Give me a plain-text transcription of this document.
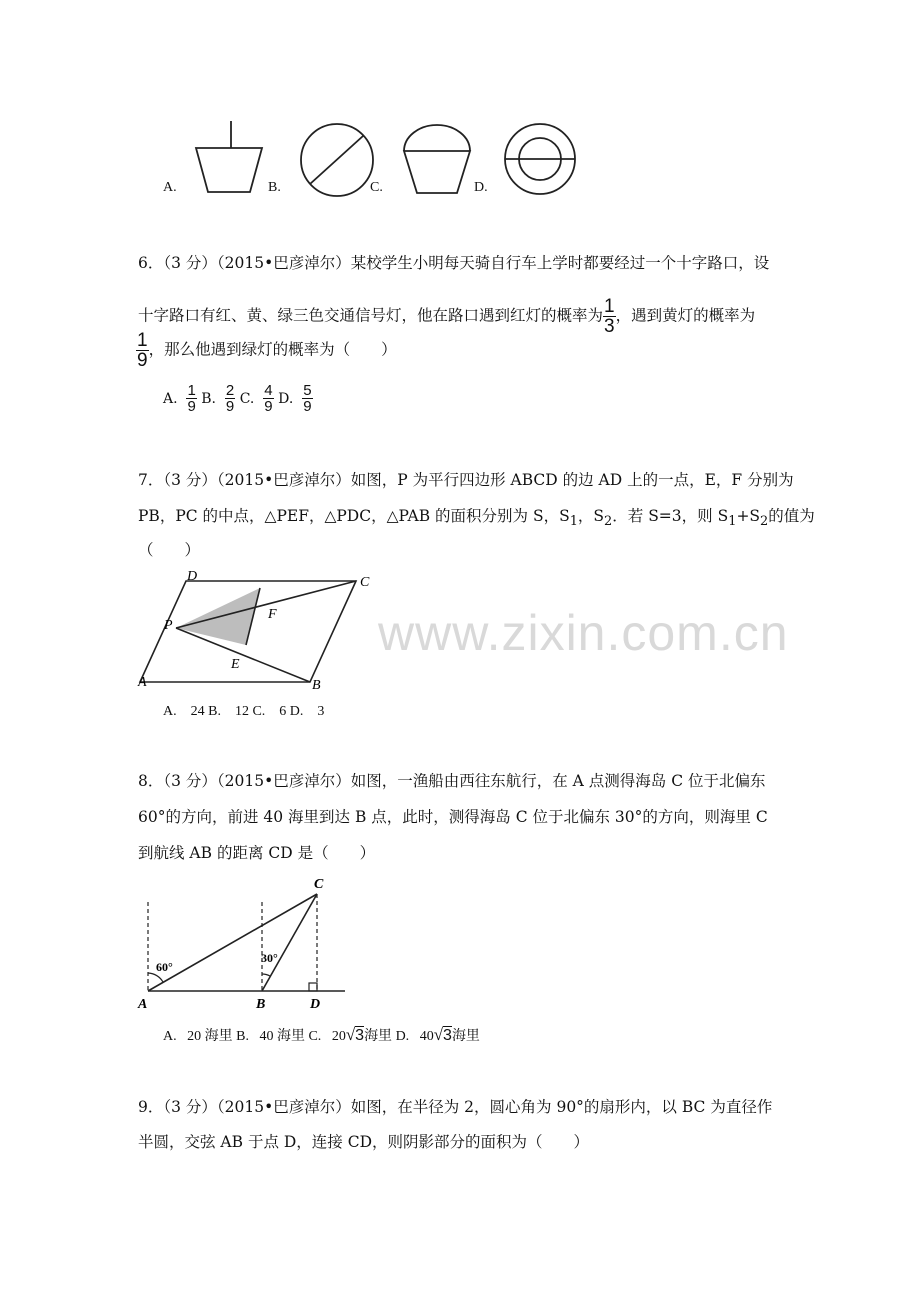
A.	B.	C.	D.
6．（3 分）（2015•巴彦淖尔）某校学生小明每天骑自行车上学时都要经过一个十字路口，设
十字路口有红、黄、绿三色交通信号灯，他在路口遇到红灯的概率为 $\frac{1}{3}$ ，遇到黄灯的概率为
$\frac{1}{9}$ ，那么他遇到绿灯的概率为（　　）
A. $\frac{1}{9} B$. $\frac{2}{9} C$. $\frac{4}{9} D$. $\frac{5}{9}$
7．（3 分）（2015•巴彦淖尔）如图，P 为平行四边形 ABCD 的边 AD 上的一点，E，F 分别为
PB，PC 的中点，△PEF，△PDC，△PAB 的面积分别为 S，$S_1$，$S_2$．若 S=3，则 $S_1+S_2$的值为
（　　）
D	C
P
F
E
A	B
A.　24 B.　12 C.　6 D.　3
www.zixin.com.cn
8．（3 分）（2015•巴彦淖尔）如图，一渔船由西往东航行，在 A 点测得海岛 C 位于北偏东
60°的方向，前进 40 海里到达 B 点，此时，测得海岛 C 位于北偏东 30°的方向，则海里 C
到航线 AB 的距离 CD 是（　　）
C
60°
30°
A	B	D
A. 20 海里 B. 40 海里 C. 20√3海里 D. 40√3海里
9．（3 分）（2015•巴彦淖尔）如图，在半径为 2，圆心角为 90°的扇形内，以 BC 为直径作
半圆，交弦 AB 于点 D，连接 CD，则阴影部分的面积为（　　）
